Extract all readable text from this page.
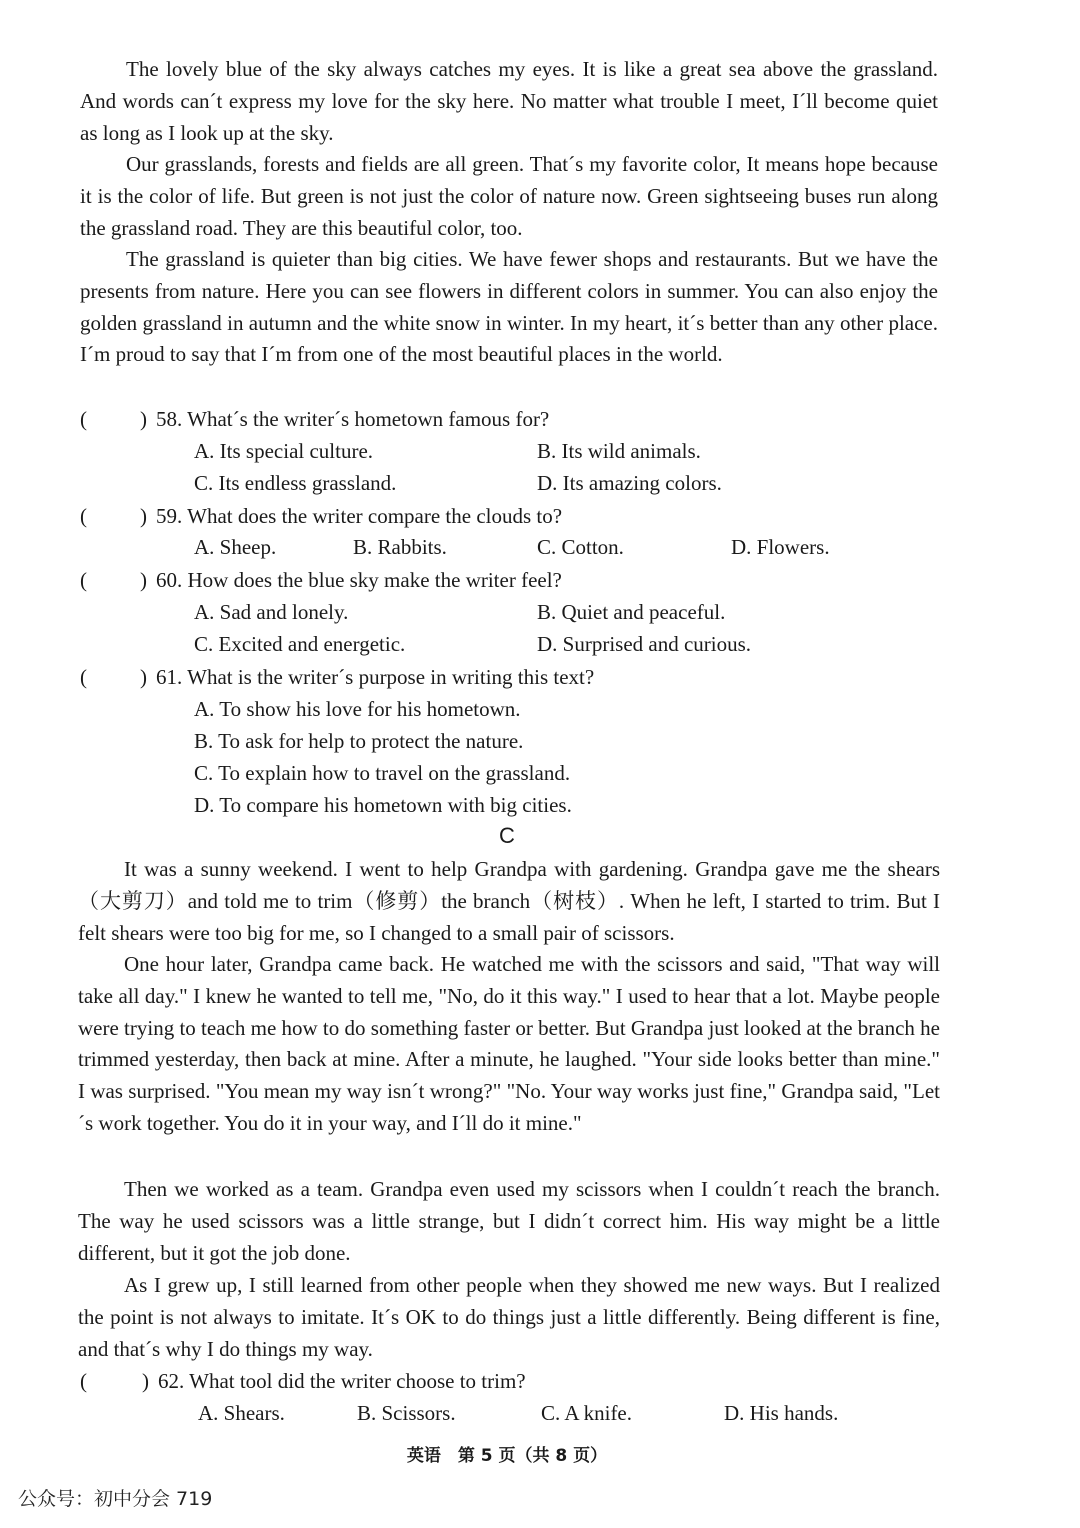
The lovely blue of the sky always catches my eyes. It is like a great sea above the grassland. And words can´t express my love for the sky here. No matter what trouble I meet, I´ll become quiet as long as I look up at the sky.

Our grasslands, forests and fields are all green. That´s my favorite color, It means hope because it is the color of life. But green is not just the color of nature now. Green sightseeing buses run along the grassland road. They are this beautiful color, too.

The grassland is quieter than big cities. We have fewer shops and restaurants. But we have the presents from nature. Here you can see flowers in different colors in summer. You can also enjoy the golden grassland in autumn and the white snow in winter. In my heart, it´s better than any other place. I´m proud to say that I´m from one of the most beautiful places in the world.

(	) 58. What´s the writer´s hometown famous for?

A. Its special culture.	B. Its wild animals.

C. Its endless grassland.	D. Its amazing colors.

(	) 59. What does the writer compare the clouds to?

A. Sheep.	B. Rabbits.	C. Cotton.	D. Flowers.

(	) 60. How does the blue sky make the writer feel?

A. Sad and lonely.	B. Quiet and peaceful.

C. Excited and energetic.	D. Surprised and curious.

(	) 61. What is the writer´s purpose in writing this text?

A. To show his love for his hometown.

B. To ask for help to protect the nature.

C. To explain how to travel on the grassland.

D. To compare his hometown with big cities.

C

It was a sunny weekend. I went to help Grandpa with gardening. Grandpa gave me the shears（大剪刀）and told me to trim（修剪）the branch（树枝）. When he left, I started to trim. But I felt shears were too big for me, so I changed to a small pair of scissors.

One hour later, Grandpa came back. He watched me with the scissors and said, "That way will take all day." I knew he wanted to tell me, "No, do it this way." I used to hear that a lot. Maybe people were trying to teach me how to do something faster or better. But Grandpa just looked at the branch he trimmed yesterday, then back at mine. After a minute, he laughed. "Your side looks better than mine." I was surprised. "You mean my way isn´t wrong?" "No. Your way works just fine," Grandpa said, "Let´s work together. You do it in your way, and I´ll do it mine."

Then we worked as a team. Grandpa even used my scissors when I couldn´t reach the branch. The way he used scissors was a little strange, but I didn´t correct him. His way might be a little different, but it got the job done.

As I grew up, I still learned from other people when they showed me new ways. But I realized the point is not always to imitate. It´s OK to do things just a little differently. Being different is fine, and that´s why I do things my way.

(	) 62. What tool did the writer choose to trim?

A. Shears.	B. Scissors.	C. A knife.	D. His hands.

英语　第 5 页（共 8 页）
公众号：初中分会 719
